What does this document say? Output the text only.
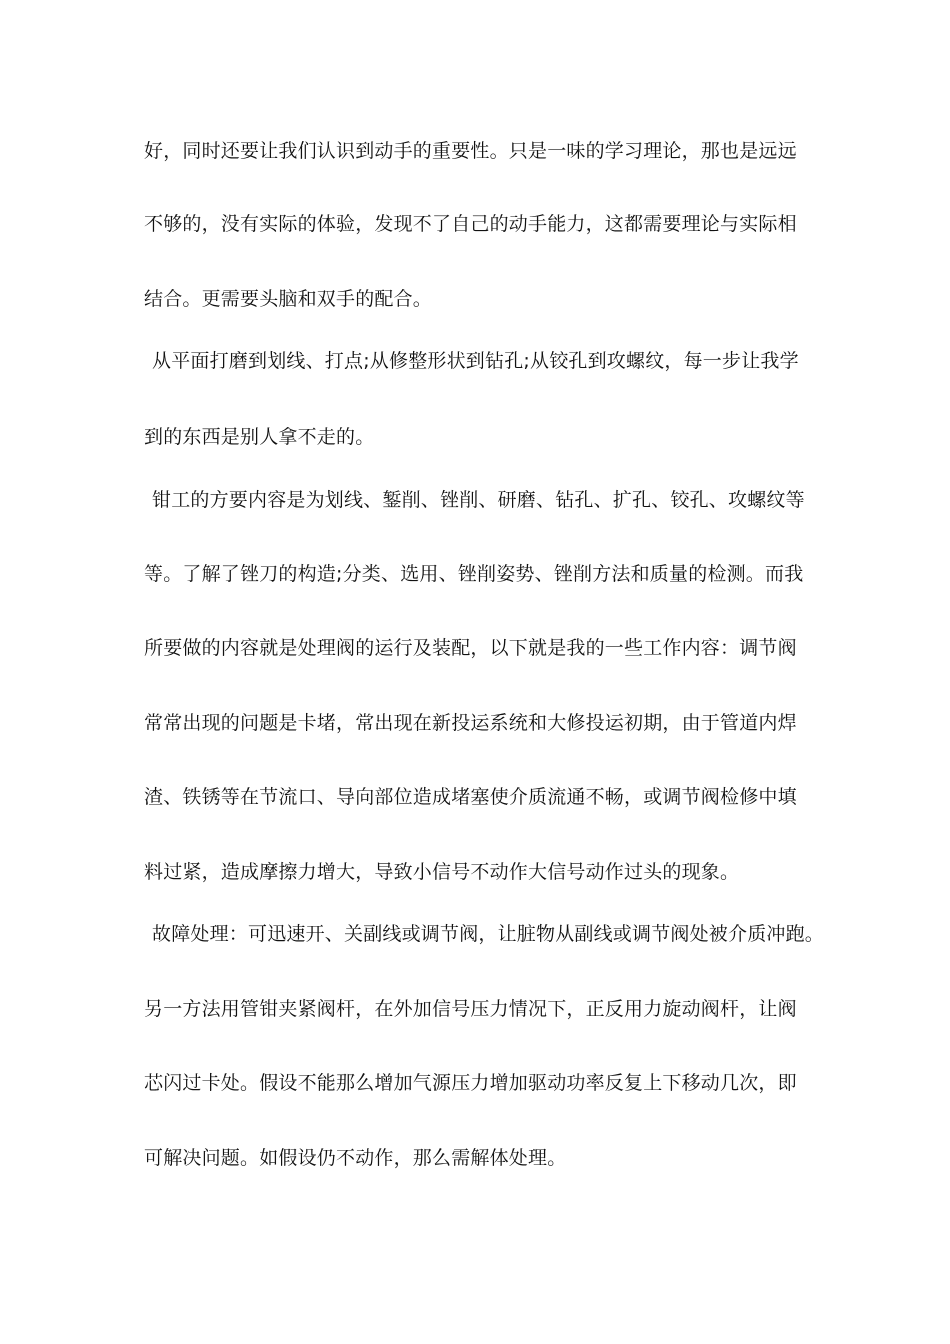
好，同时还要让我们认识到动手的重要性。只是一味的学习理论，那也是远远
不够的，没有实际的体验，发现不了自己的动手能力，这都需要理论与实际相
结合。更需要头脑和双手的配合。
从平面打磨到划线、打点;从修整形状到钻孔;从铰孔到攻螺纹，每一步让我学
到的东西是别人拿不走的。
钳工的方要内容是为划线、錾削、锉削、研磨、钻孔、扩孔、铰孔、攻螺纹等
等。了解了锉刀的构造;分类、选用、锉削姿势、锉削方法和质量的检测。而我
所要做的内容就是处理阀的运行及装配，以下就是我的一些工作内容：调节阀
常常出现的问题是卡堵，常出现在新投运系统和大修投运初期，由于管道内焊
渣、铁锈等在节流口、导向部位造成堵塞使介质流通不畅，或调节阀检修中填
料过紧，造成摩擦力增大，导致小信号不动作大信号动作过头的现象。
故障处理：可迅速开、关副线或调节阀，让脏物从副线或调节阀处被介质冲跑。
另一方法用管钳夹紧阀杆，在外加信号压力情况下，正反用力旋动阀杆，让阀
芯闪过卡处。假设不能那么增加气源压力增加驱动功率反复上下移动几次，即
可解决问题。如假设仍不动作，那么需解体处理。
